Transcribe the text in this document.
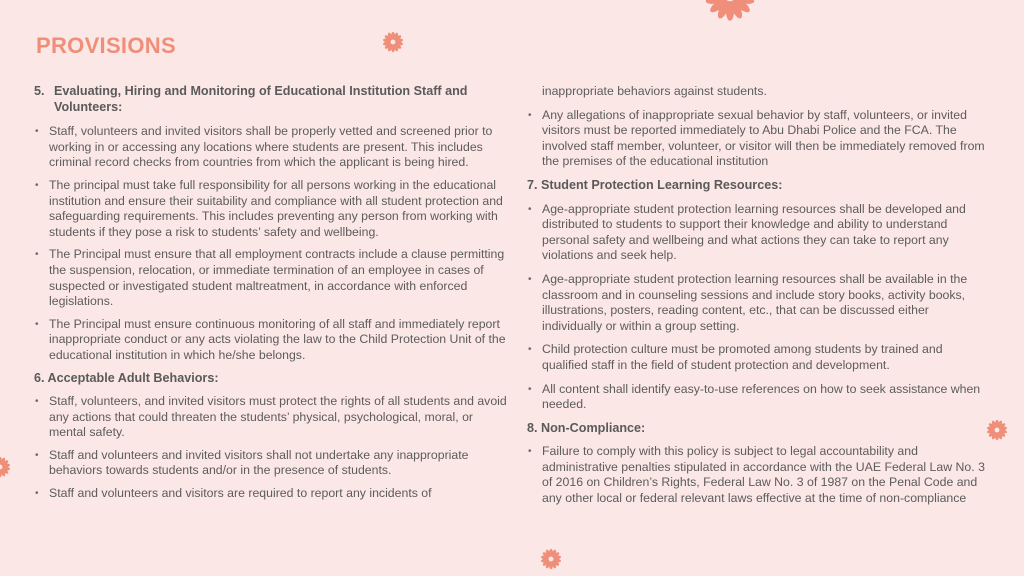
PROVISIONS
5. Evaluating, Hiring and Monitoring of Educational Institution Staff and Volunteers:
• Staff, volunteers and invited visitors shall be properly vetted and screened prior to working in or accessing any locations where students are present. This includes criminal record checks from countries from which the applicant is being hired.
• The principal must take full responsibility for all persons working in the educational institution and ensure their suitability and compliance with all student protection and safeguarding requirements. This includes preventing any person from working with students if they pose a risk to students’ safety and wellbeing.
• The Principal must ensure that all employment contracts include a clause permitting the suspension, relocation, or immediate termination of an employee in cases of suspected or investigated student maltreatment, in accordance with enforced legislations.
• The Principal must ensure continuous monitoring of all staff and immediately report inappropriate conduct or any acts violating the law to the Child Protection Unit of the educational institution in which he/she belongs.
6. Acceptable Adult Behaviors:
• Staff, volunteers, and invited visitors must protect the rights of all students and avoid any actions that could threaten the students’ physical, psychological, moral, or mental safety.
• Staff and volunteers and invited visitors shall not undertake any inappropriate behaviors towards students and/or in the presence of students.
• Staff and volunteers and visitors are required to report any incidents of
inappropriate behaviors against students.
• Any allegations of inappropriate sexual behavior by staff, volunteers, or invited visitors must be reported immediately to Abu Dhabi Police and the FCA. The involved staff member, volunteer, or visitor will then be immediately removed from the premises of the educational institution
7. Student Protection Learning Resources:
• Age-appropriate student protection learning resources shall be developed and distributed to students to support their knowledge and ability to understand personal safety and wellbeing and what actions they can take to report any violations and seek help.
• Age-appropriate student protection learning resources shall be available in the classroom and in counseling sessions and include story books, activity books, illustrations, posters, reading content, etc., that can be discussed either individually or within a group setting.
• Child protection culture must be promoted among students by trained and qualified staff in the field of student protection and development.
• All content shall identify easy-to-use references on how to seek assistance when needed.
8. Non-Compliance:
• Failure to comply with this policy is subject to legal accountability and administrative penalties stipulated in accordance with the UAE Federal Law No. 3 of 2016 on Children’s Rights, Federal Law No. 3 of 1987 on the Penal Code and any other local or federal relevant laws effective at the time of non-compliance
